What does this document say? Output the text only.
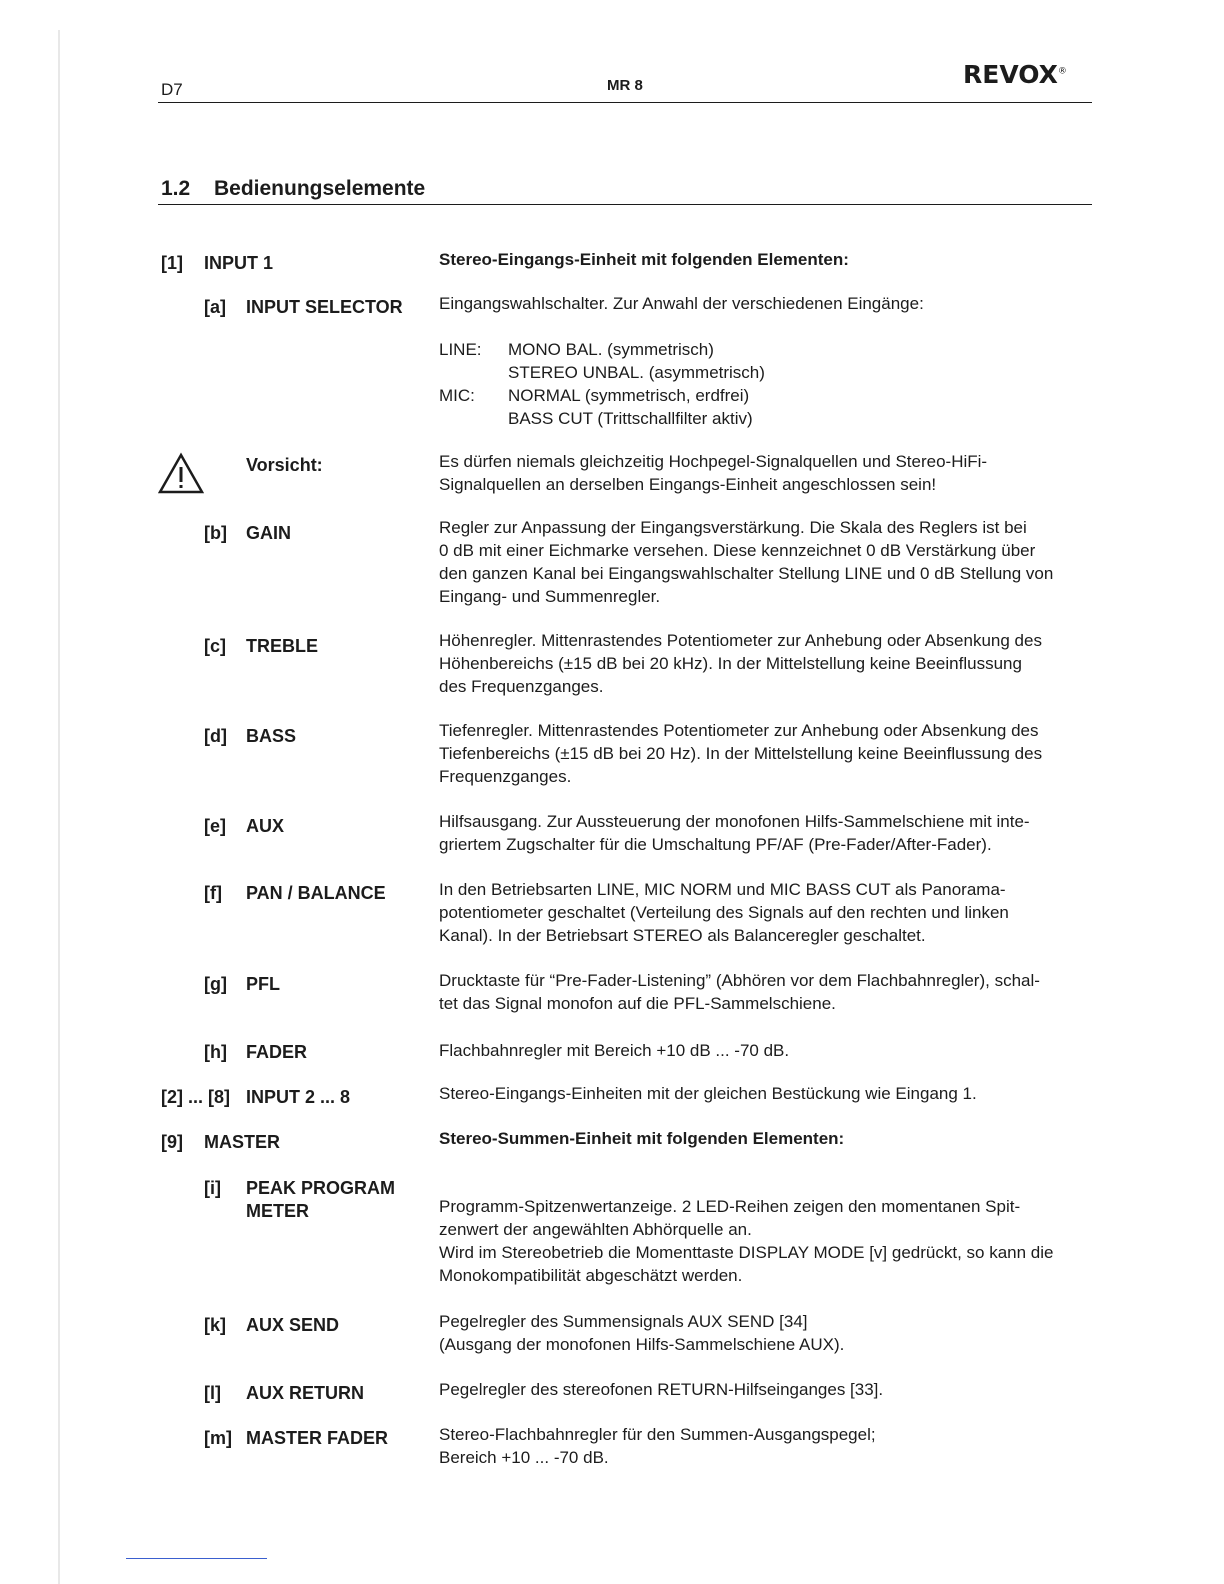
D7	MR 8	REVOX®
1.2 Bedienungselemente
[1] INPUT 1	Stereo-Eingangs-Einheit mit folgenden Elementen:
[a] INPUT SELECTOR Eingangswahlschalter. Zur Anwahl der verschiedenen Eingänge:
LINE: MONO BAL. (symmetrisch)
STEREO UNBAL. (asymmetrisch)
MIC: NORMAL (symmetrisch, erdfrei)
BASS CUT (Trittschallfilter aktiv)
Vorsicht:	Es dürfen niemals gleichzeitig Hochpegel-Signalquellen und Stereo-HiFi-
Signalquellen an derselben Eingangs-Einheit angeschlossen sein!
[b] GAIN	Regler zur Anpassung der Eingangsverstärkung. Die Skala des Reglers ist bei
0 dB mit einer Eichmarke versehen. Diese kennzeichnet 0 dB Verstärkung über
den ganzen Kanal bei Eingangswahlschalter Stellung LINE und 0 dB Stellung von
Eingang- und Summenregler.
[c] TREBLE	Höhenregler. Mittenrastendes Potentiometer zur Anhebung oder Absenkung des
Höhenbereichs (±15 dB bei 20 kHz). In der Mittelstellung keine Beeinflussung
des Frequenzganges.
[d] BASS	Tiefenregler. Mittenrastendes Potentiometer zur Anhebung oder Absenkung des
Tiefenbereichs (±15 dB bei 20 Hz). In der Mittelstellung keine Beeinflussung des
Frequenzganges.
[e] AUX	Hilfsausgang. Zur Aussteuerung der monofonen Hilfs-Sammelschiene mit inte-
griertem Zugschalter für die Umschaltung PF/AF (Pre-Fader/After-Fader).
[f] PAN / BALANCE	In den Betriebsarten LINE, MIC NORM und MIC BASS CUT als Panorama-
potentiometer geschaltet (Verteilung des Signals auf den rechten und linken
Kanal). In der Betriebsart STEREO als Balanceregler geschaltet.
[g] PFL	Drucktaste für “Pre-Fader-Listening” (Abhören vor dem Flachbahnregler), schal-
tet das Signal monofon auf die PFL-Sammelschiene.
[h] FADER	Flachbahnregler mit Bereich +10 dB ... -70 dB.
[2] ... [8] INPUT 2 ... 8	Stereo-Eingangs-Einheiten mit der gleichen Bestückung wie Eingang 1.
[9] MASTER	Stereo-Summen-Einheit mit folgenden Elementen:
[i] PEAK PROGRAM
METER	Programm-Spitzenwertanzeige. 2 LED-Reihen zeigen den momentanen Spit-
zenwert der angewählten Abhörquelle an.
Wird im Stereobetrieb die Momenttaste DISPLAY MODE [v] gedrückt, so kann die
Monokompatibilität abgeschätzt werden.
[k] AUX SEND	Pegelregler des Summensignals AUX SEND [34]
(Ausgang der monofonen Hilfs-Sammelschiene AUX).
[l] AUX RETURN	Pegelregler des stereofonen RETURN-Hilfseinganges [33].
[m] MASTER FADER	Stereo-Flachbahnregler für den Summen-Ausgangspegel;
Bereich +10 ... -70 dB.
